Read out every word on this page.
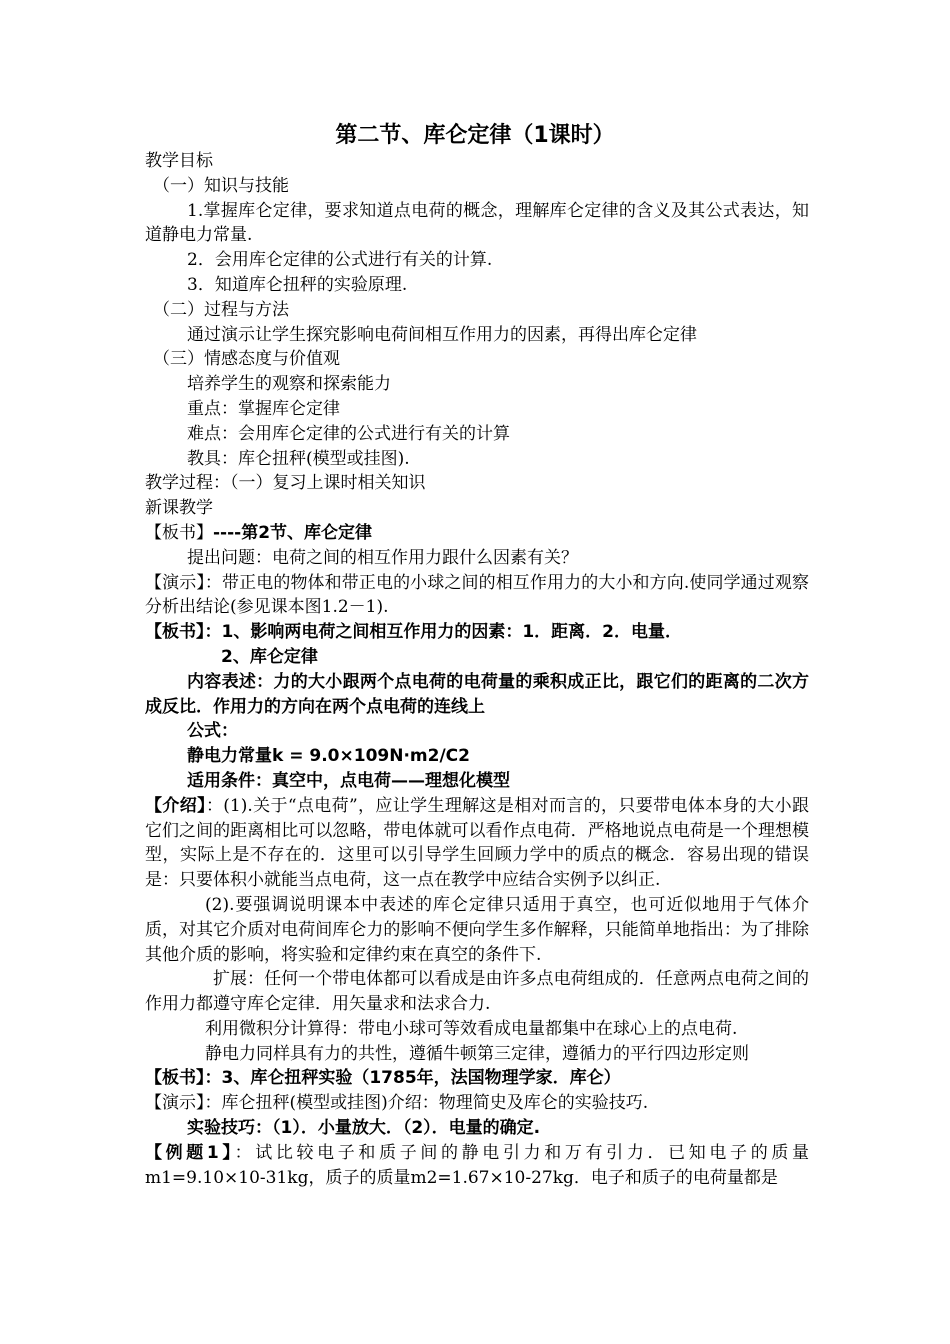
第二节、库仑定律（1课时）

教学目标

（一）知识与技能

1.掌握库仑定律，要求知道点电荷的概念，理解库仑定律的含义及其公式表达，知道静电力常量.

2．会用库仑定律的公式进行有关的计算.

3．知道库仑扭秤的实验原理.

（二）过程与方法

通过演示让学生探究影响电荷间相互作用力的因素，再得出库仑定律

（三）情感态度与价值观

培养学生的观察和探索能力

重点：掌握库仑定律

难点：会用库仑定律的公式进行有关的计算

教具：库仑扭秤(模型或挂图).

教学过程：（一）复习上课时相关知识

新课教学

【板书】----第2节、库仑定律

提出问题：电荷之间的相互作用力跟什么因素有关？

【演示】：带正电的物体和带正电的小球之间的相互作用力的大小和方向.使同学通过观察分析出结论(参见课本图1.2－1).

【板书】：1、影响两电荷之间相互作用力的因素：1．距离．2．电量．

2、库仑定律

内容表述：力的大小跟两个点电荷的电荷量的乘积成正比，跟它们的距离的二次方成反比．作用力的方向在两个点电荷的连线上

公式：

静电力常量k = 9.0×109N·m2/C2

适用条件：真空中，点电荷——理想化模型

【介绍】：(1).关于“点电荷”，应让学生理解这是相对而言的，只要带电体本身的大小跟它们之间的距离相比可以忽略，带电体就可以看作点电荷．严格地说点电荷是一个理想模型，实际上是不存在的．这里可以引导学生回顾力学中的质点的概念．容易出现的错误是：只要体积小就能当点电荷，这一点在教学中应结合实例予以纠正.

(2).要强调说明课本中表述的库仑定律只适用于真空，也可近似地用于气体介质，对其它介质对电荷间库仑力的影响不便向学生多作解释，只能简单地指出：为了排除其他介质的影响，将实验和定律约束在真空的条件下.

扩展：任何一个带电体都可以看成是由许多点电荷组成的．任意两点电荷之间的作用力都遵守库仑定律．用矢量求和法求合力.

利用微积分计算得：带电小球可等效看成电量都集中在球心上的点电荷.

静电力同样具有力的共性，遵循牛顿第三定律，遵循力的平行四边形定则

【板书】：3、库仑扭秤实验（1785年，法国物理学家．库仑）

【演示】：库仑扭秤(模型或挂图)介绍：物理简史及库仑的实验技巧.

实验技巧：（1）．小量放大．（2）．电量的确定.

【例题1】：试比较电子和质子间的静电引力和万有引力．已知电子的质量m1=9.10×10-31kg，质子的质量m2=1.67×10-27kg．电子和质子的电荷量都是
